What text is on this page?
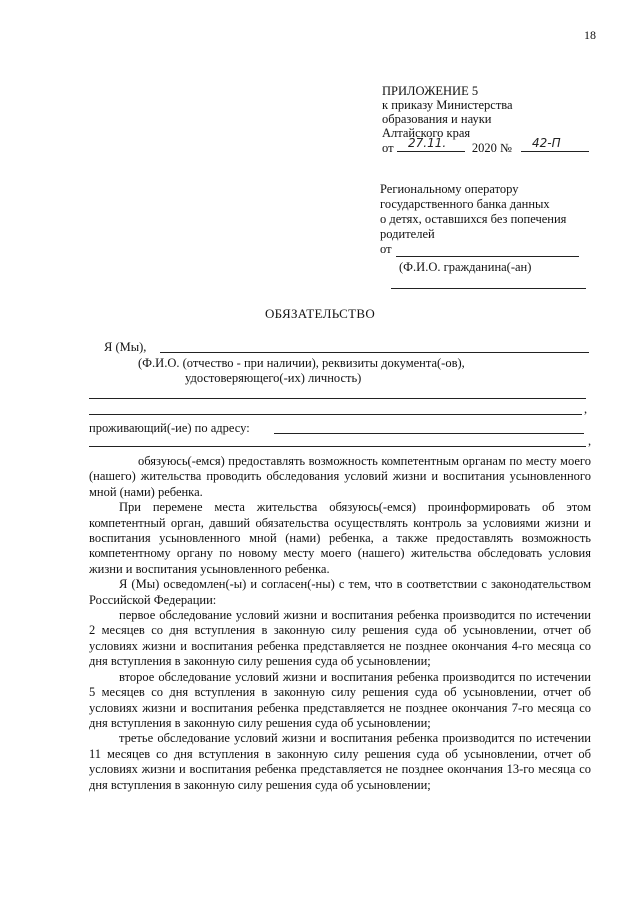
18
ПРИЛОЖЕНИЕ 5
к приказу Министерства
образования и науки
Алтайского края
от	2020 №
27.11.	42-П
Региональному оператору
государственного банка данных
о детях, оставшихся без попечения
родителей
от
(Ф.И.О. гражданина(-ан)
ОБЯЗАТЕЛЬСТВО
Я (Мы),
(Ф.И.О. (отчество - при наличии), реквизиты документа(-ов),
удостоверяющего(-их) личность)
,
проживающий(-ие) по адресу:
,

обязуюсь(-емся) предоставлять возможность компетентным органам по месту моего (нашего) жительства проводить обследования условий жизни и воспитания усыновленного мной (нами) ребенка.

При перемене места жительства обязуюсь(-емся) проинформировать об этом компетентный орган, давший обязательства осуществлять контроль за условиями жизни и воспитания усыновленного мной (нами) ребенка, а также предоставлять возможность компетентному органу по новому месту моего (нашего) жительства обследовать условия жизни и воспитания усыновленного ребенка.

Я (Мы) осведомлен(-ы) и согласен(-ны) с тем, что в соответствии с законодательством Российской Федерации:

первое обследование условий жизни и воспитания ребенка производится по истечении 2 месяцев со дня вступления в законную силу решения суда об усыновлении, отчет об условиях жизни и воспитания ребенка представляется не позднее окончания 4-го месяца со дня вступления в законную силу решения суда об усыновлении;

второе обследование условий жизни и воспитания ребенка производится по истечении 5 месяцев со дня вступления в законную силу решения суда об усыновлении, отчет об условиях жизни и воспитания ребенка представляется не позднее окончания 7-го месяца со дня вступления в законную силу решения суда об усыновлении;

третье обследование условий жизни и воспитания ребенка производится по истечении 11 месяцев со дня вступления в законную силу решения суда об усыновлении, отчет об условиях жизни и воспитания ребенка представляется не позднее окончания 13-го месяца со дня вступления в законную силу решения суда об усыновлении;
